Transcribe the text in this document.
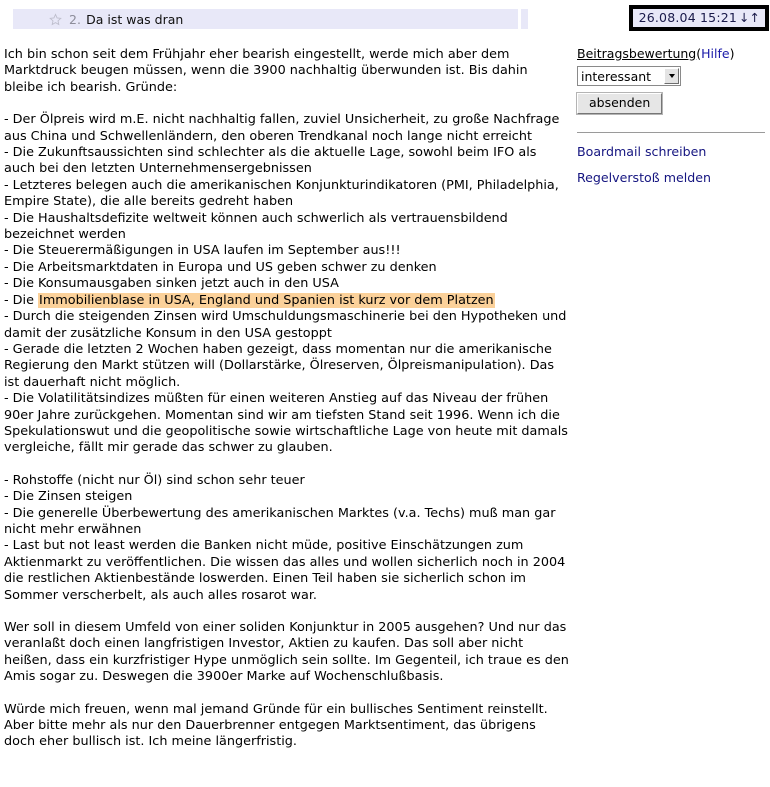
2. Da ist was dran	26.08.04 15:21 ↓↑

Ich bin schon seit dem Frühjahr eher bearish eingestellt, werde mich aber dem Marktdruck beugen müssen, wenn die 3900 nachhaltig überwunden ist. Bis dahin bleibe ich bearish. Gründe:

- Der Ölpreis wird m.E. nicht nachhaltig fallen, zuviel Unsicherheit, zu große Nachfrage aus China und Schwellenländern, den oberen Trendkanal noch lange nicht erreicht
- Die Zukunftsaussichten sind schlechter als die aktuelle Lage, sowohl beim IFO als auch bei den letzten Unternehmensergebnissen
- Letzteres belegen auch die amerikanischen Konjunkturindikatoren (PMI, Philadelphia, Empire State), die alle bereits gedreht haben
- Die Haushaltsdefizite weltweit können auch schwerlich als vertrauensbildend bezeichnet werden
- Die Steuerermäßigungen in USA laufen im September aus!!!
- Die Arbeitsmarktdaten in Europa und US geben schwer zu denken
- Die Konsumausgaben sinken jetzt auch in den USA
- Die Immobilienblase in USA, England und Spanien ist kurz vor dem Platzen
- Durch die steigenden Zinsen wird Umschuldungsmaschinerie bei den Hypotheken und damit der zusätzliche Konsum in den USA gestoppt
- Gerade die letzten 2 Wochen haben gezeigt, dass momentan nur die amerikanische Regierung den Markt stützen will (Dollarstärke, Ölreserven, Ölpreismanipulation). Das ist dauerhaft nicht möglich.
- Die Volatilitätsindizes müßten für einen weiteren Anstieg auf das Niveau der frühen 90er Jahre zurückgehen. Momentan sind wir am tiefsten Stand seit 1996. Wenn ich die Spekulationswut und die geopolitische sowie wirtschaftliche Lage von heute mit damals vergleiche, fällt mir gerade das schwer zu glauben.

- Rohstoffe (nicht nur Öl) sind schon sehr teuer
- Die Zinsen steigen
- Die generelle Überbewertung des amerikanischen Marktes (v.a. Techs) muß man gar nicht mehr erwähnen
- Last but not least werden die Banken nicht müde, positive Einschätzungen zum Aktienmarkt zu veröffentlichen. Die wissen das alles und wollen sicherlich noch in 2004 die restlichen Aktienbestände loswerden. Einen Teil haben sie sicherlich schon im Sommer verscherbelt, als auch alles rosarot war.

Wer soll in diesem Umfeld von einer soliden Konjunktur in 2005 ausgehen? Und nur das veranlaßt doch einen langfristigen Investor, Aktien zu kaufen. Das soll aber nicht heißen, dass ein kurzfristiger Hype unmöglich sein sollte. Im Gegenteil, ich traue es den Amis sogar zu. Deswegen die 3900er Marke auf Wochenschlußbasis.

Würde mich freuen, wenn mal jemand Gründe für ein bullisches Sentiment reinstellt. Aber bitte mehr als nur den Dauerbrenner entgegen Marktsentiment, das übrigens doch eher bullisch ist. Ich meine längerfristig.

Beitragsbewertung(Hilfe)
interessant
absenden
Boardmail schreiben
Regelverstoß melden
